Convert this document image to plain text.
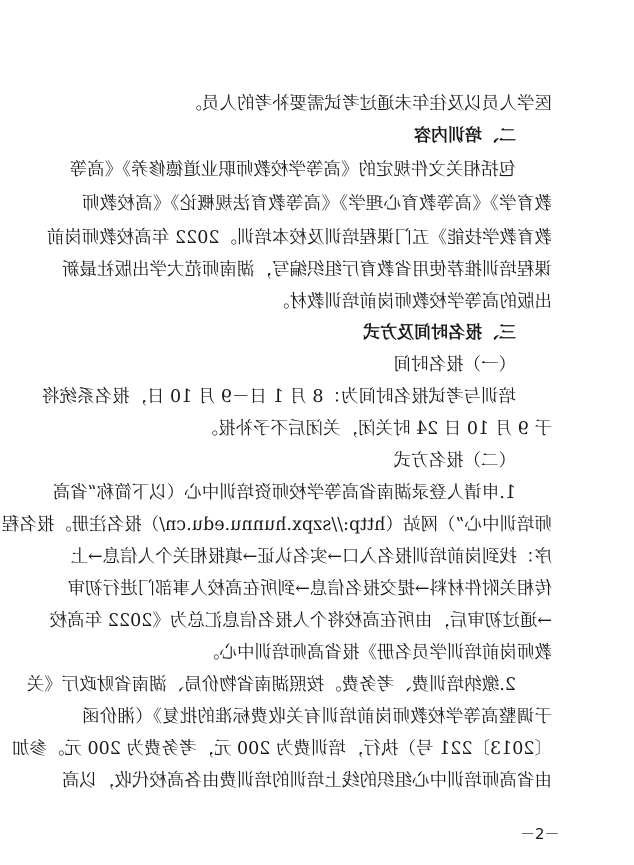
医学人员以及往年未通过考试需要补考的人员。
二、培训内容
包括相关文件规定的《高等学校教师职业道德修养》《高等
教育学》《高等教育心理学》《高等教育法规概论》《高校教师
教育教学技能》五门课程培训及校本培训。2022 年高校教师岗前
课程培训推荐使用省教育厅组织编写，湖南师范大学出版社最新
出版的高等学校教师岗前培训教材。
三、报名时间及方式
（一）报名时间
培训与考试报名时间为：8 月 1 日－9 月 10 日，报名系统将
于 9 月 10 日 24 时关闭，关闭后不予补报。
（二）报名方式
1.申请人登录湖南省高等学校师资培训中心（以下简称“省高
师培训中心”）网站（http://szpx.hunnu.edu.cn/）报名注册。报名程
序：找到岗前培训报名入口→实名认证→填报相关个人信息→上
传相关附件材料→提交报名信息→到所在高校人事部门进行初审
→通过初审后，由所在高校将个人报名信息汇总为《2022 年高校
教师岗前培训学员名册》报省高师培训中心。
2.缴纳培训费、考务费。按照湖南省物价局、湖南省财政厅《关
于调整高等学校教师岗前培训有关收费标准的批复》（湘价函
〔2013〕221 号）执行，培训费为 200 元，考务费为 200 元。参加
由省高师培训中心组织的线上培训的培训费由各高校代收，以高
－2－
